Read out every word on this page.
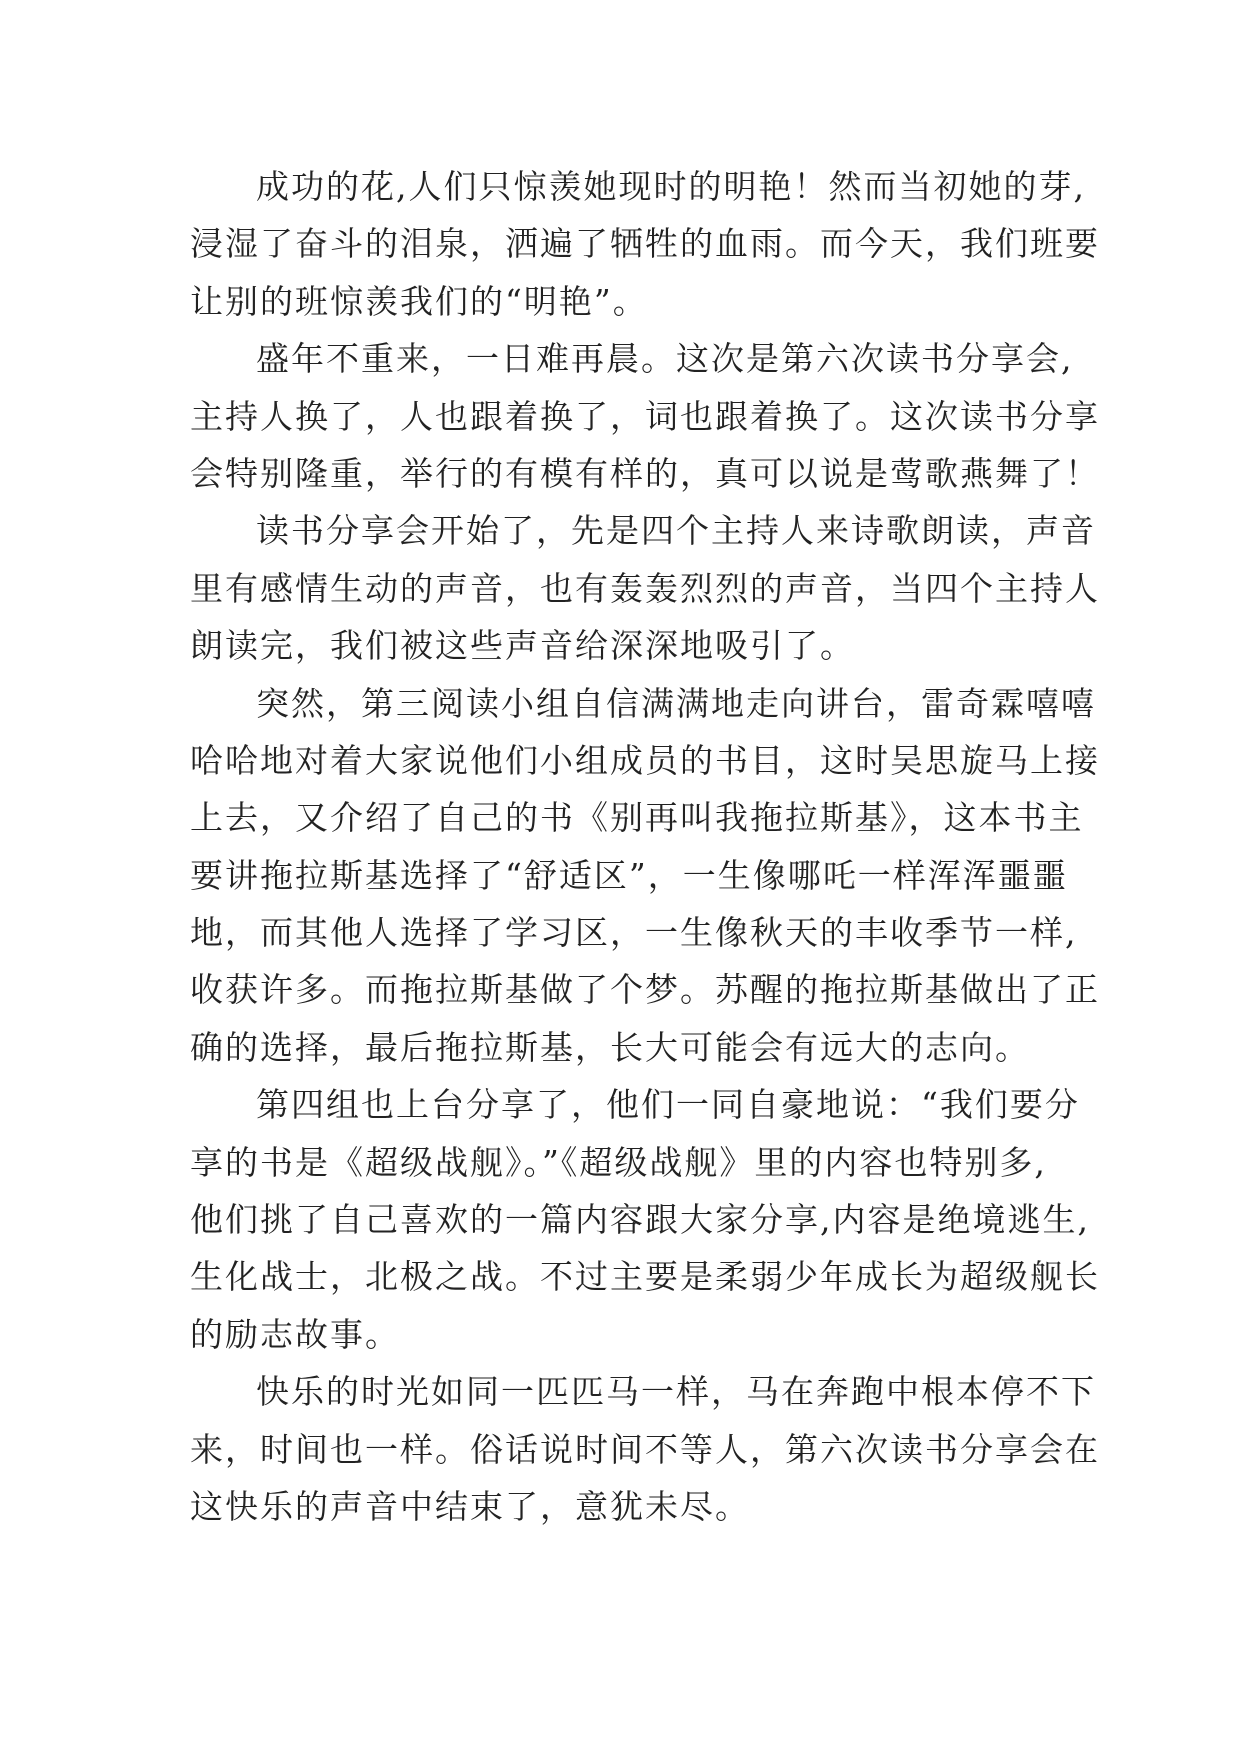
成功的花,人们只惊羡她现时的明艳！然而当初她的芽,
浸湿了奋斗的泪泉，洒遍了牺牲的血雨。而今天，我们班要
让别的班惊羡我们的“明艳”。
盛年不重来，一日难再晨。这次是第六次读书分享会,
主持人换了，人也跟着换了，词也跟着换了。这次读书分享
会特别隆重，举行的有模有样的，真可以说是莺歌燕舞了！
读书分享会开始了，先是四个主持人来诗歌朗读，声音
里有感情生动的声音，也有轰轰烈烈的声音，当四个主持人
朗读完，我们被这些声音给深深地吸引了。
突然，第三阅读小组自信满满地走向讲台，雷奇霖嘻嘻
哈哈地对着大家说他们小组成员的书目，这时吴思旋马上接
上去，又介绍了自己的书《别再叫我拖拉斯基》，这本书主
要讲拖拉斯基选择了“舒适区”，一生像哪吒一样浑浑噩噩
地，而其他人选择了学习区，一生像秋天的丰收季节一样,
收获许多。而拖拉斯基做了个梦。苏醒的拖拉斯基做出了正
确的选择，最后拖拉斯基，长大可能会有远大的志向。
第四组也上台分享了，他们一同自豪地说：“我们要分
享的书是《超级战舰》。”《超级战舰》里的内容也特别多,
他们挑了自己喜欢的一篇内容跟大家分享,内容是绝境逃生,
生化战士，北极之战。不过主要是柔弱少年成长为超级舰长
的励志故事。
快乐的时光如同一匹匹马一样，马在奔跑中根本停不下
来，时间也一样。俗话说时间不等人，第六次读书分享会在
这快乐的声音中结束了，意犹未尽。
